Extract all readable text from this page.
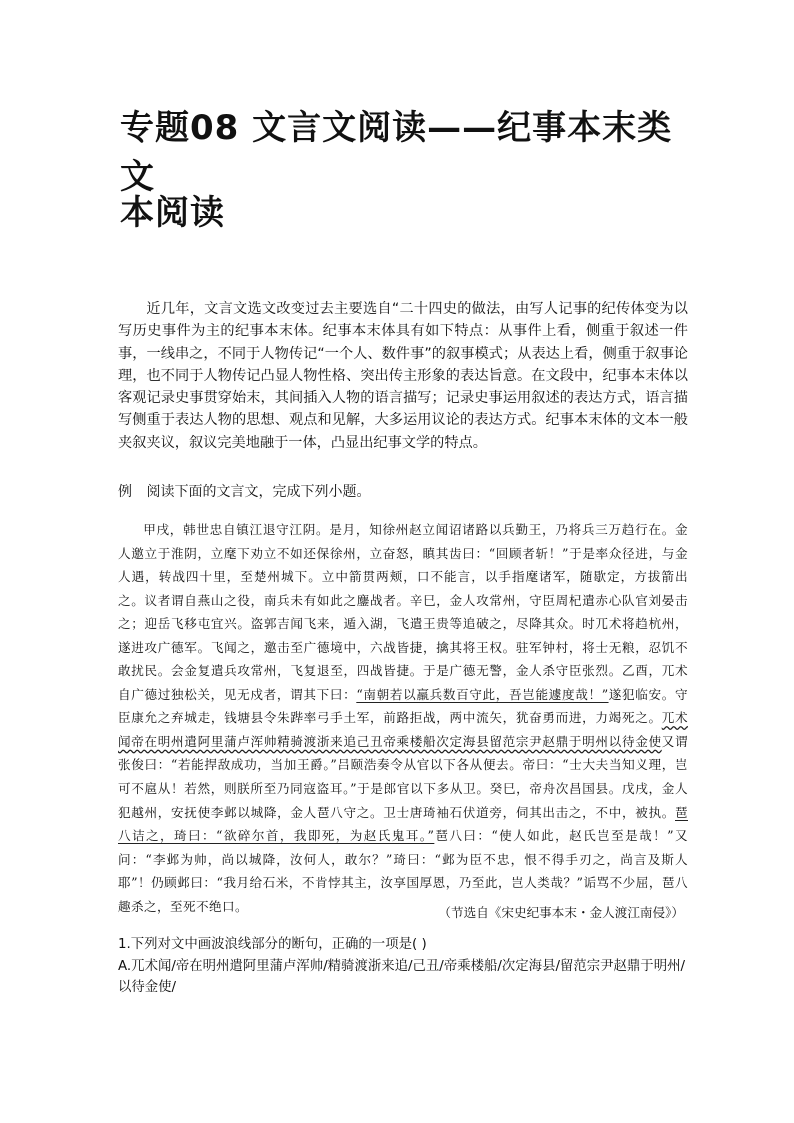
专题08 文言文阅读——纪事本末类文
本阅读

近几年，文言文选文改变过去主要选自“二十四史的做法，由写人记事的纪传体变为以写历史事件为主的纪事本末体。纪事本末体具有如下特点：从事件上看，侧重于叙述一件事，一线串之，不同于人物传记“一个人、数件事”的叙事模式；从表达上看，侧重于叙事论理，也不同于人物传记凸显人物性格、突出传主形象的表达旨意。在文段中，纪事本末体以客观记录史事贯穿始末，其间插入人物的语言描写；记录史事运用叙述的表达方式，语言描写侧重于表达人物的思想、观点和见解，大多运用议论的表达方式。纪事本末体的文本一般夹叙夹议，叙议完美地融于一体，凸显出纪事文学的特点。

例 阅读下面的文言文，完成下列小题。

甲戌，韩世忠自镇江退守江阴。是月，知徐州赵立闻诏诸路以兵勤王，乃将兵三万趋行在。金人邀立于淮阴，立麾下劝立不如还保徐州，立奋怒，瞋其齿曰：“回顾者斩！”于是率众径进，与金人遇，转战四十里，至楚州城下。立中箭贯两颊，口不能言，以手指麾诸军，随歇定，方拔箭出之。议者谓自燕山之役，南兵未有如此之鏖战者。辛巳，金人攻常州，守臣周杞遣赤心队官刘晏击之；迎岳飞移屯宜兴。盗郭吉闻飞来，遁入湖，飞遣王贵等追破之，尽降其众。时兀术将趋杭州，遂进攻广德军。飞闻之，邀击至广德境中，六战皆捷，擒其将王权。驻军钟村，将士无粮，忍饥不敢扰民。会金复遣兵攻常州，飞复退至，四战皆捷。于是广德无警，金人杀守臣张烈。乙酉，兀术自广德过独松关，见无戍者，谓其下曰：“南朝若以羸兵数百守此，吾岂能遽度哉！”遂犯临安。守臣康允之弃城走，钱塘县令朱跸率弓手土军，前路拒战，两中流矢，犹奋勇而进，力竭死之。兀术闻帝在明州遣阿里蒲卢浑帅精骑渡浙来追己丑帝乘楼船次定海县留范宗尹赵鼎于明州以待金使又谓张俊曰：“若能捍敌成功，当加王爵。”吕颐浩奏令从官以下各从便去。帝曰：“士大夫当知义理，岂可不扈从！若然，则朕所至乃同寇盗耳。”于是郎官以下多从卫。癸巳，帝舟次昌国县。戊戌，金人犯越州，安抚使李邺以城降，金人琶八守之。卫士唐琦袖石伏道旁，伺其出击之，不中，被执。琶八诘之，琦曰：“欲碎尔首，我即死，为赵氏鬼耳。”琶八曰：“使人如此，赵氏岂至是哉！”又问：“李邺为帅，尚以城降，汝何人，敢尔？”琦曰：“邺为臣不忠，恨不得手刃之，尚言及斯人耶”！仍顾邺曰：“我月给石米，不肯悖其主，汝享国厚恩，乃至此，岂人类哉？”诟骂不少屈，琶八趣杀之，至死不绝口。	（节选自《宋史纪事本末・金人渡江南侵》）

1.下列对文中画波浪线部分的断句，正确的一项是( )

A.兀术闻/帝在明州遣阿里蒲卢浑帅/精骑渡浙来追/己丑/帝乘楼船/次定海县/留范宗尹赵鼎于明州/以待金使/
